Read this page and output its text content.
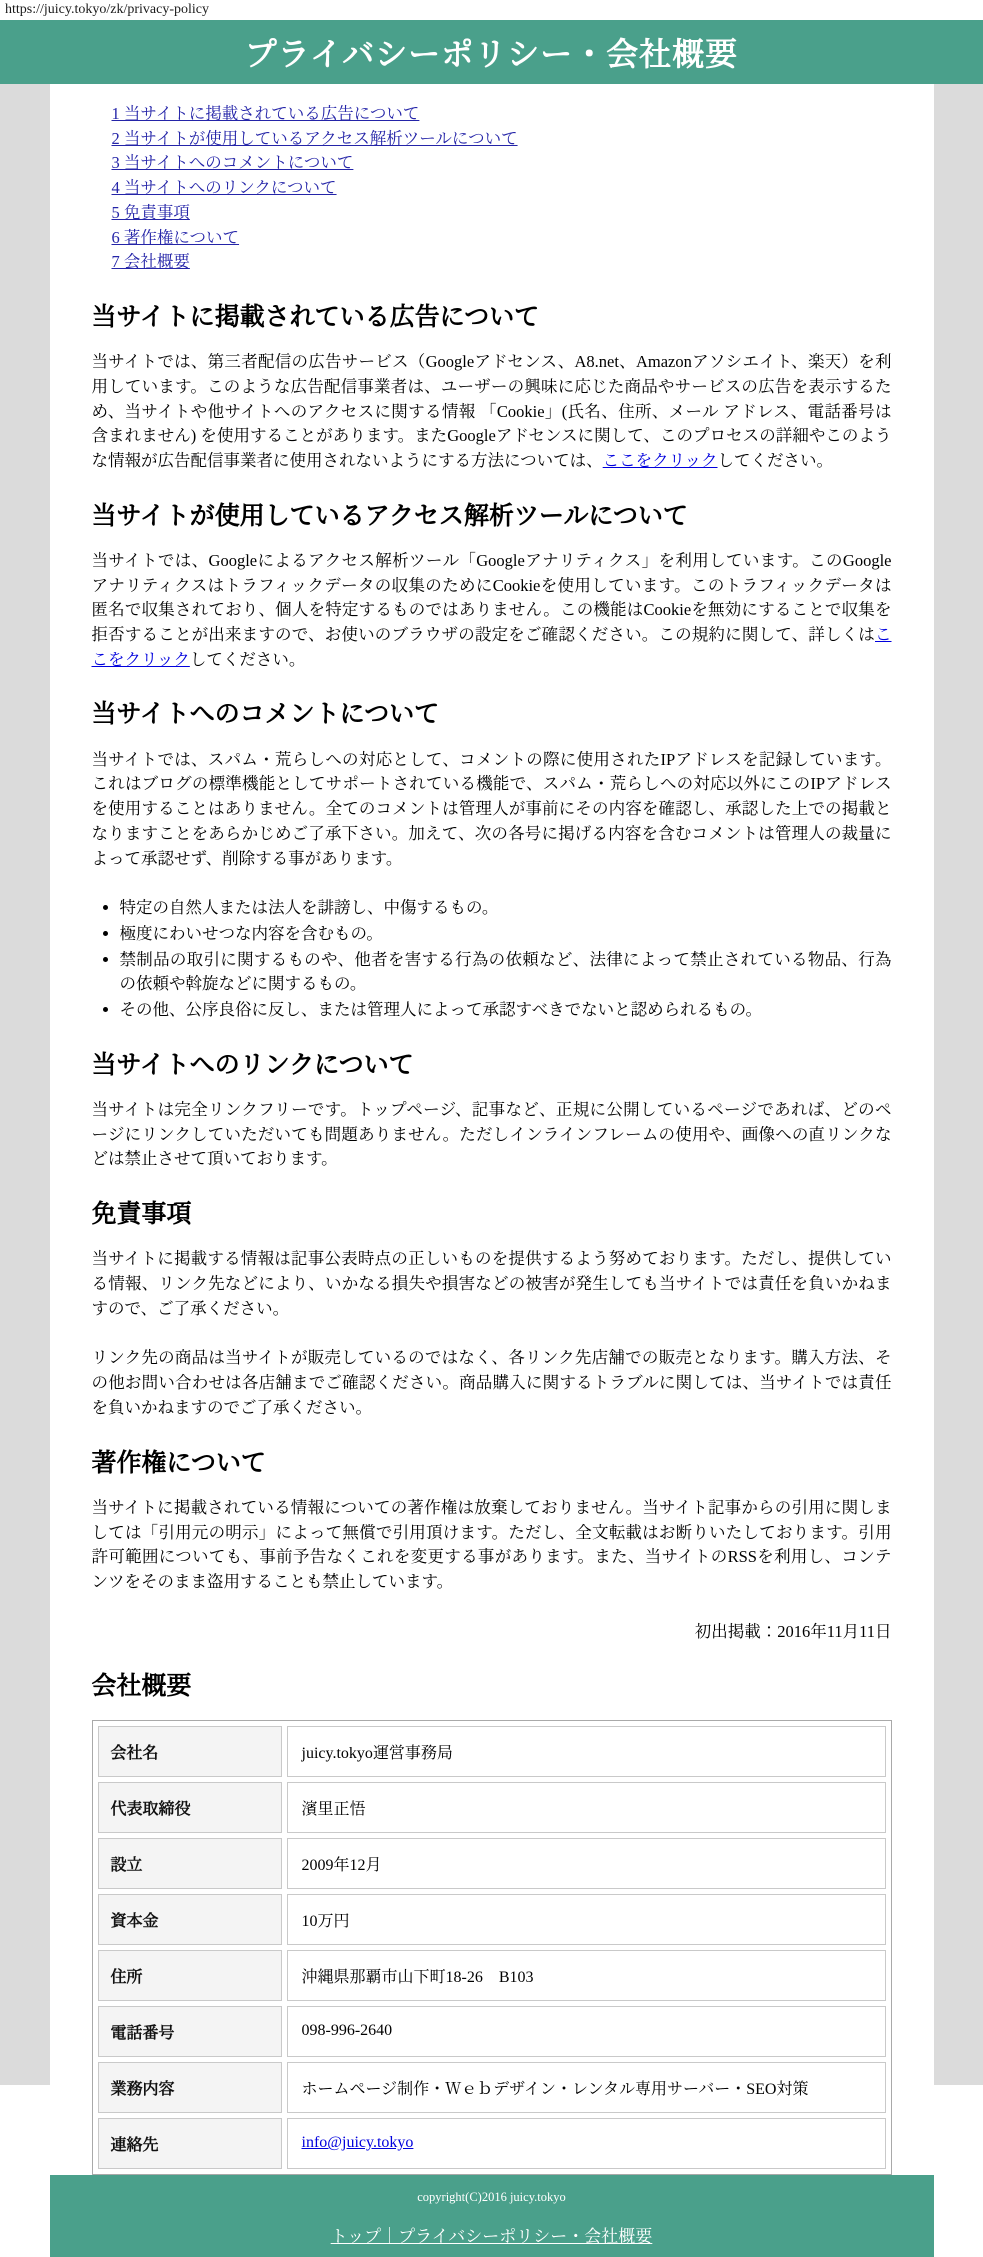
https://juicy.tokyo/zk/privacy-policy
プライバシーポリシー・会社概要
1 当サイトに掲載されている広告について
2 当サイトが使用しているアクセス解析ツールについて
3 当サイトへのコメントについて
4 当サイトへのリンクについて
5 免責事項
6 著作権について
7 会社概要
当サイトに掲載されている広告について

当サイトでは、第三者配信の広告サービス（Googleアドセンス、A8.net、Amazonアソシエイト、楽天）を利用しています。このような広告配信事業者は、ユーザーの興味に応じた商品やサービスの広告を表示するため、当サイトや他サイトへのアクセスに関する情報 「Cookie」(氏名、住所、メール アドレス、電話番号は含まれません) を使用することがあります。またGoogleアドセンスに関して、このプロセスの詳細やこのような情報が広告配信事業者に使用されないようにする方法については、ここをクリックしてください。

当サイトが使用しているアクセス解析ツールについて

当サイトでは、Googleによるアクセス解析ツール「Googleアナリティクス」を利用しています。このGoogleアナリティクスはトラフィックデータの収集のためにCookieを使用しています。このトラフィックデータは匿名で収集されており、個人を特定するものではありません。この機能はCookieを無効にすることで収集を拒否することが出来ますので、お使いのブラウザの設定をご確認ください。この規約に関して、詳しくはここをクリックしてください。

当サイトへのコメントについて

当サイトでは、スパム・荒らしへの対応として、コメントの際に使用されたIPアドレスを記録しています。これはブログの標準機能としてサポートされている機能で、スパム・荒らしへの対応以外にこのIPアドレスを使用することはありません。全てのコメントは管理人が事前にその内容を確認し、承認した上での掲載となりますことをあらかじめご了承下さい。加えて、次の各号に掲げる内容を含むコメントは管理人の裁量によって承認せず、削除する事があります。

• 特定の自然人または法人を誹謗し、中傷するもの。
• 極度にわいせつな内容を含むもの。
• 禁制品の取引に関するものや、他者を害する行為の依頼など、法律によって禁止されている物品、行為の依頼や斡旋などに関するもの。
• その他、公序良俗に反し、または管理人によって承認すべきでないと認められるもの。
当サイトへのリンクについて

当サイトは完全リンクフリーです。トップページ、記事など、正規に公開しているページであれば、どのページにリンクしていただいても問題ありません。ただしインラインフレームの使用や、画像への直リンクなどは禁止させて頂いております。

免責事項

当サイトに掲載する情報は記事公表時点の正しいものを提供するよう努めております。ただし、提供している情報、リンク先などにより、いかなる損失や損害などの被害が発生しても当サイトでは責任を負いかねますので、ご了承ください。

リンク先の商品は当サイトが販売しているのではなく、各リンク先店舗での販売となります。購入方法、その他お問い合わせは各店舗までご確認ください。商品購入に関するトラブルに関しては、当サイトでは責任を負いかねますのでご了承ください。

著作権について

当サイトに掲載されている情報についての著作権は放棄しておりません。当サイト記事からの引用に関しましては「引用元の明示」によって無償で引用頂けます。ただし、全文転載はお断りいたしております。引用許可範囲についても、事前予告なくこれを変更する事があります。また、当サイトのRSSを利用し、コンテンツをそのまま盗用することも禁止しています。

初出掲載：2016年11月11日

会社概要
会社名	juicy.tokyo運営事務局
代表取締役	濱里正悟
設立	2009年12月
資本金	10万円
住所	沖縄県那覇市山下町18-26　B103
電話番号	098-996-2640
業務内容	ホームページ制作・Ｗｅｂデザイン・レンタル専用サーバー・SEO対策
連絡先	info@juicy.tokyo
copyright(C)2016 juicy.tokyo
トップ｜プライバシーポリシー・会社概要
